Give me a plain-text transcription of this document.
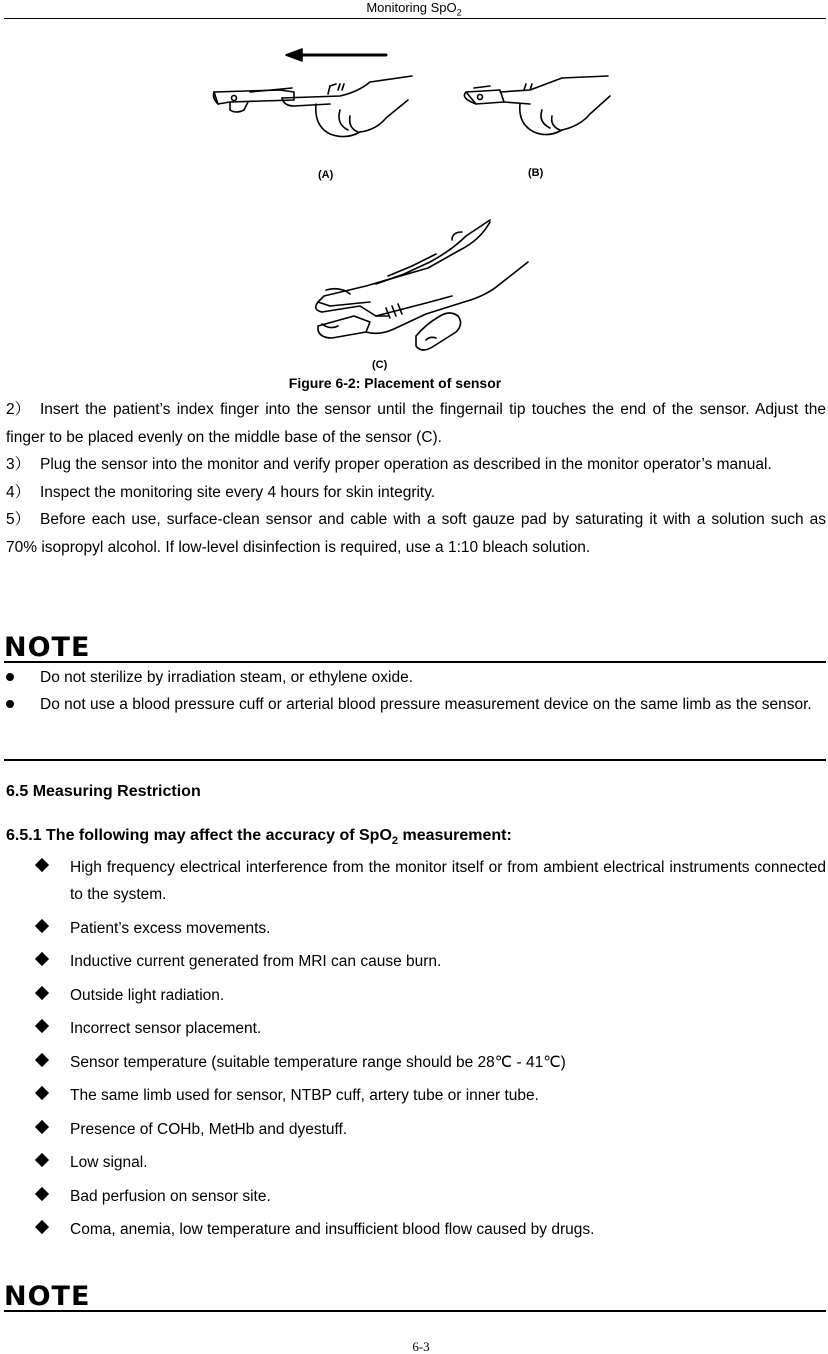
Monitoring SpO$_2$
(A)	(B)
(C)
Figure 6-2: Placement of sensor

2） Insert the patient’s index finger into the sensor until the fingernail tip touches the end of the sensor. Adjust the finger to be placed evenly on the middle base of the sensor (C).

3） Plug the sensor into the monitor and verify proper operation as described in the monitor operator’s manual.

4） Inspect the monitoring site every 4 hours for skin integrity.

5） Before each use, surface-clean sensor and cable with a soft gauze pad by saturating it with a solution such as 70% isopropyl alcohol. If low-level disinfection is required, use a 1:10 bleach solution.

NOTE
Do not sterilize by irradiation steam, or ethylene oxide.
Do not use a blood pressure cuff or arterial blood pressure measurement device on the same limb as the sensor.
6.5 Measuring Restriction
6.5.1 The following may affect the accuracy of SpO$_2$ measurement:
High frequency electrical interference from the monitor itself or from ambient electrical instruments connected to the system.
Patient’s excess movements.
Inductive current generated from MRI can cause burn.
Outside light radiation.
Incorrect sensor placement.
Sensor temperature (suitable temperature range should be 28℃ - 41℃)
The same limb used for sensor, NTBP cuff, artery tube or inner tube.
Presence of COHb, MetHb and dyestuff.
Low signal.
Bad perfusion on sensor site.
Coma, anemia, low temperature and insufficient blood flow caused by drugs.
NOTE
6-3
